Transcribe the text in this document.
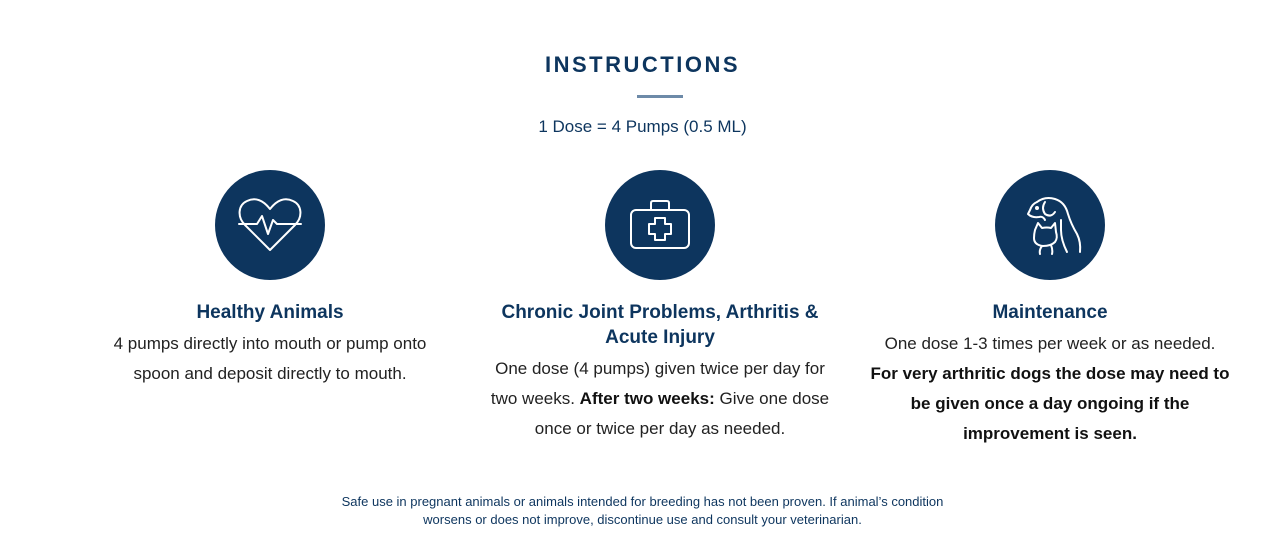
INSTRUCTIONS
1 Dose = 4 Pumps (0.5 ML)
Healthy Animals
4 pumps directly into mouth or pump onto spoon and deposit directly to mouth.
Chronic Joint Problems, Arthritis & Acute Injury
One dose (4 pumps) given twice per day for two weeks. After two weeks: Give one dose once or twice per day as needed.
Maintenance
One dose 1-3 times per week or as needed.
For very arthritic dogs the dose may need to be given once a day ongoing if the improvement is seen.
Safe use in pregnant animals or animals intended for breeding has not been proven. If animal’s condition
worsens or does not improve, discontinue use and consult your veterinarian.
